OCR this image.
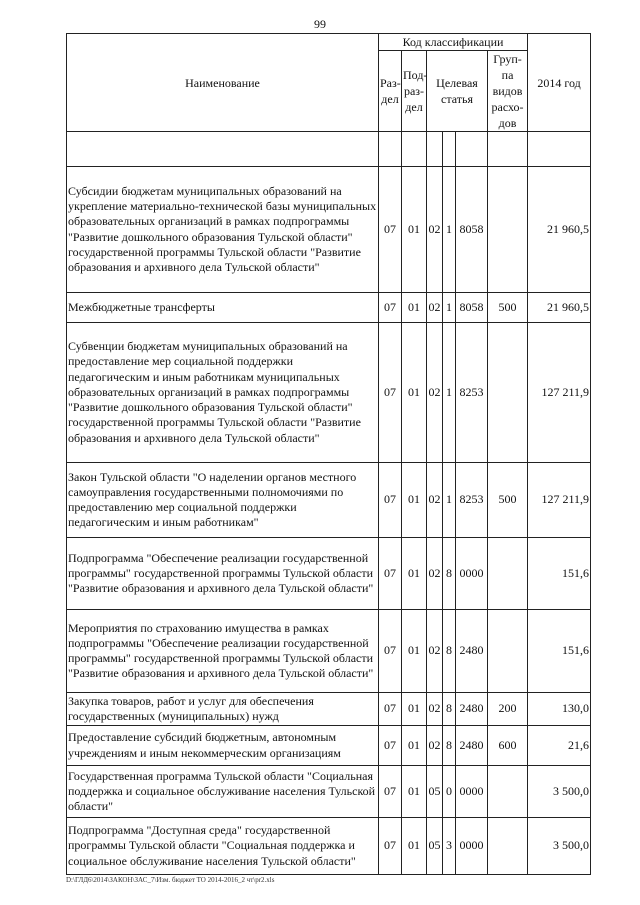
99
Наименование	Код классификации						2014 год
	Раз-дел	Под-раз-дел	Целевая статья			Груп-па видов расхо-дов	

Субсидии бюджетам муниципальных образований на укрепление материально-технической базы муниципальных образовательных организаций в рамках подпрограммы "Развитие дошкольного образования Тульской области" государственной программы Тульской области "Развитие образования и архивного дела Тульской области"	07	01	02	1	8058		21 960,5
Межбюджетные трансферты	07	01	02	1	8058	500	21 960,5
Субвенции бюджетам муниципальных образований на предоставление мер социальной поддержки педагогическим и иным работникам муниципальных образовательных организаций в рамках подпрограммы "Развитие дошкольного образования Тульской области" государственной программы Тульской области "Развитие образования и архивного дела Тульской области"	07	01	02	1	8253		127 211,9
Закон Тульской области "О наделении органов местного самоуправления государственными полномочиями по предоставлению мер социальной поддержки педагогическим и иным работникам"	07	01	02	1	8253	500	127 211,9
Подпрограмма "Обеспечение реализации государственной программы" государственной программы Тульской области "Развитие образования и архивного дела Тульской области"	07	01	02	8	0000		151,6
Мероприятия по страхованию имущества в рамках подпрограммы "Обеспечение реализации государственной программы" государственной программы Тульской области "Развитие образования и архивного дела Тульской области"	07	01	02	8	2480		151,6
Закупка товаров, работ и услуг для обеспечения государственных (муниципальных) нужд	07	01	02	8	2480	200	130,0
Предоставление субсидий бюджетным, автономным учреждениям и иным некоммерческим организациям	07	01	02	8	2480	600	21,6
Государственная программа Тульской области "Социальная поддержка и социальное обслуживание населения Тульской области"	07	01	05	0	0000		3 500,0
Подпрограмма "Доступная среда" государственной программы Тульской области "Социальная поддержка и социальное обслуживание населения Тульской области"	07	01	05	3	0000		3 500,0
D:\ГЛД6\2014\ЗАКОН\ЗАС_7\Изм. бюджет ТО 2014-2016_2 чт\pr2.xls
